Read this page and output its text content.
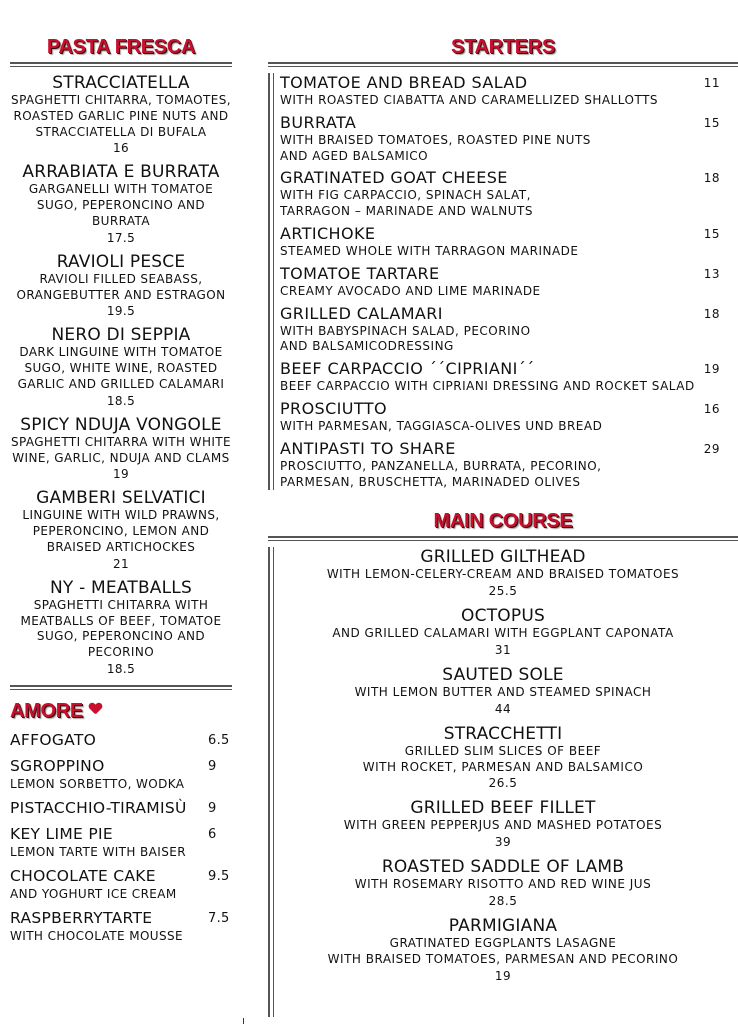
PASTA FRESCA
STRACCIATELLA
SPAGHETTI CHITARRA, TOMAOTES, ROASTED GARLIC PINE NUTS AND STRACCIATELLA DI BUFALA
16
ARRABIATA E BURRATA
GARGANELLI WITH TOMATOE SUGO, PEPERONCINO AND BURRATA
17.5
RAVIOLI PESCE
RAVIOLI FILLED SEABASS, ORANGEBUTTER AND ESTRAGON
19.5
NERO DI SEPPIA
DARK LINGUINE WITH TOMATOE SUGO, WHITE WINE, ROASTED GARLIC AND GRILLED CALAMARI
18.5
SPICY NDUJA VONGOLE
SPAGHETTI CHITARRA WITH WHITE WINE, GARLIC, NDUJA AND CLAMS
19
GAMBERI SELVATICI
LINGUINE WITH WILD PRAWNS, PEPERONCINO, LEMON AND BRAISED ARTICHOCKES
21
NY - MEATBALLS
SPAGHETTI CHITARRA WITH MEATBALLS OF BEEF, TOMATOE SUGO, PEPERONCINO AND PECORINO
18.5
AMORE
AFFOGATO	6.5
SGROPPINO
LEMON SORBETTO, WODKA
9
PISTACCHIO-TIRAMISÙ	9
KEY LIME PIE
LEMON TARTE WITH BAISER
6
CHOCOLATE CAKE
AND YOGHURT ICE CREAM
9.5
RASPBERRYTARTE
WITH CHOCOLATE MOUSSE
7.5
STARTERS
TOMATOE AND BREAD SALAD
WITH ROASTED CIABATTA AND CARAMELLIZED SHALLOTTS
11
BURRATA
WITH BRAISED TOMATOES, ROASTED PINE NUTS
AND AGED BALSAMICO
15
GRATINATED GOAT CHEESE
WITH FIG CARPACCIO, SPINACH SALAT,
TARRAGON – MARINADE AND WALNUTS
18
ARTICHOKE
STEAMED WHOLE WITH TARRAGON MARINADE
15
TOMATOE TARTARE
CREAMY AVOCADO AND LIME MARINADE
13
GRILLED CALAMARI
WITH BABYSPINACH SALAD, PECORINO
AND BALSAMICODRESSING
18
BEEF CARPACCIO ´´CIPRIANI´´
BEEF CARPACCIO WITH CIPRIANI DRESSING AND ROCKET SALAD
19
PROSCIUTTO
WITH PARMESAN, TAGGIASCA-OLIVES UND BREAD
16
ANTIPASTI TO SHARE
PROSCIUTTO, PANZANELLA, BURRATA, PECORINO,
PARMESAN, BRUSCHETTA, MARINADED OLIVES
29
MAIN COURSE
GRILLED GILTHEAD
WITH LEMON-CELERY-CREAM AND BRAISED TOMATOES
25.5
OCTOPUS
AND GRILLED CALAMARI WITH EGGPLANT CAPONATA
31
SAUTED SOLE
WITH LEMON BUTTER AND STEAMED SPINACH
44
STRACCHETTI
GRILLED SLIM SLICES OF BEEF
WITH ROCKET, PARMESAN AND BALSAMICO
26.5
GRILLED BEEF FILLET
WITH GREEN PEPPERJUS AND MASHED POTATOES
39
ROASTED SADDLE OF LAMB
WITH ROSEMARY RISOTTO AND RED WINE JUS
28.5
PARMIGIANA
GRATINATED EGGPLANTS LASAGNE
WITH BRAISED TOMATOES, PARMESAN AND PECORINO
19
